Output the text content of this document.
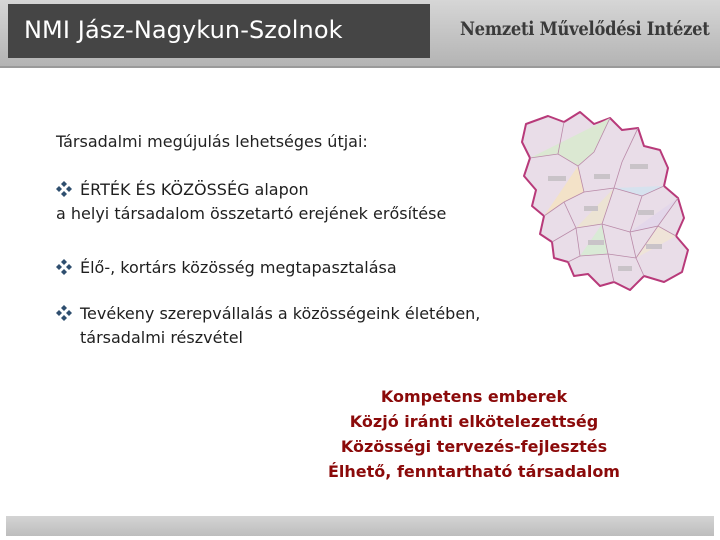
NMI Jász-Nagykun-Szolnok	Nemzeti Művelődési Intézet
Társadalmi megújulás lehetséges útjai:
ÉRTÉK ÉS KÖZÖSSÉG alapon
a helyi társadalom összetartó erejének erősítése
Élő-, kortárs közösség megtapasztalása
Tevékeny szerepvállalás a közösségeink életében,
társadalmi részvétel
Kompetens emberek
Közjó iránti elkötelezettség
Közösségi tervezés-fejlesztés
Élhető, fenntartható társadalom
